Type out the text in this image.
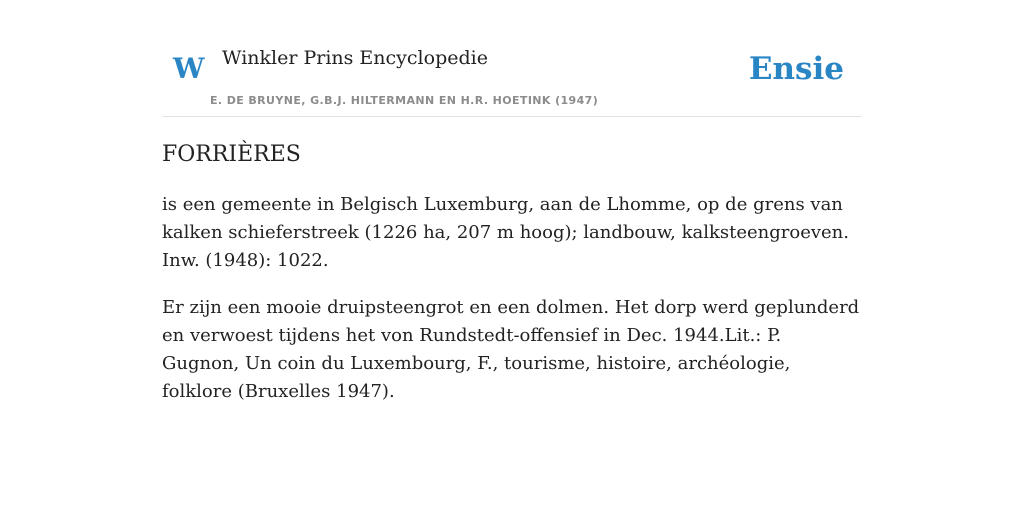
W Winkler Prins Encyclopedie
E. DE BRUYNE, G.B.J. HILTERMANN EN H.R. HOETINK (1947)
Ensie
FORRIÈRES

is een gemeente in Belgisch Luxemburg, aan de Lhomme, op de grens van kalken schieferstreek (1226 ha, 207 m hoog); landbouw, kalksteengroeven. Inw. (1948): 1022.

Er zijn een mooie druipsteengrot en een dolmen. Het dorp werd geplunderd en verwoest tijdens het von Rundstedt-offensief in Dec. 1944.Lit.: P. Gugnon, Un coin du Luxembourg, F., tourisme, histoire, archéologie, folklore (Bruxelles 1947).
